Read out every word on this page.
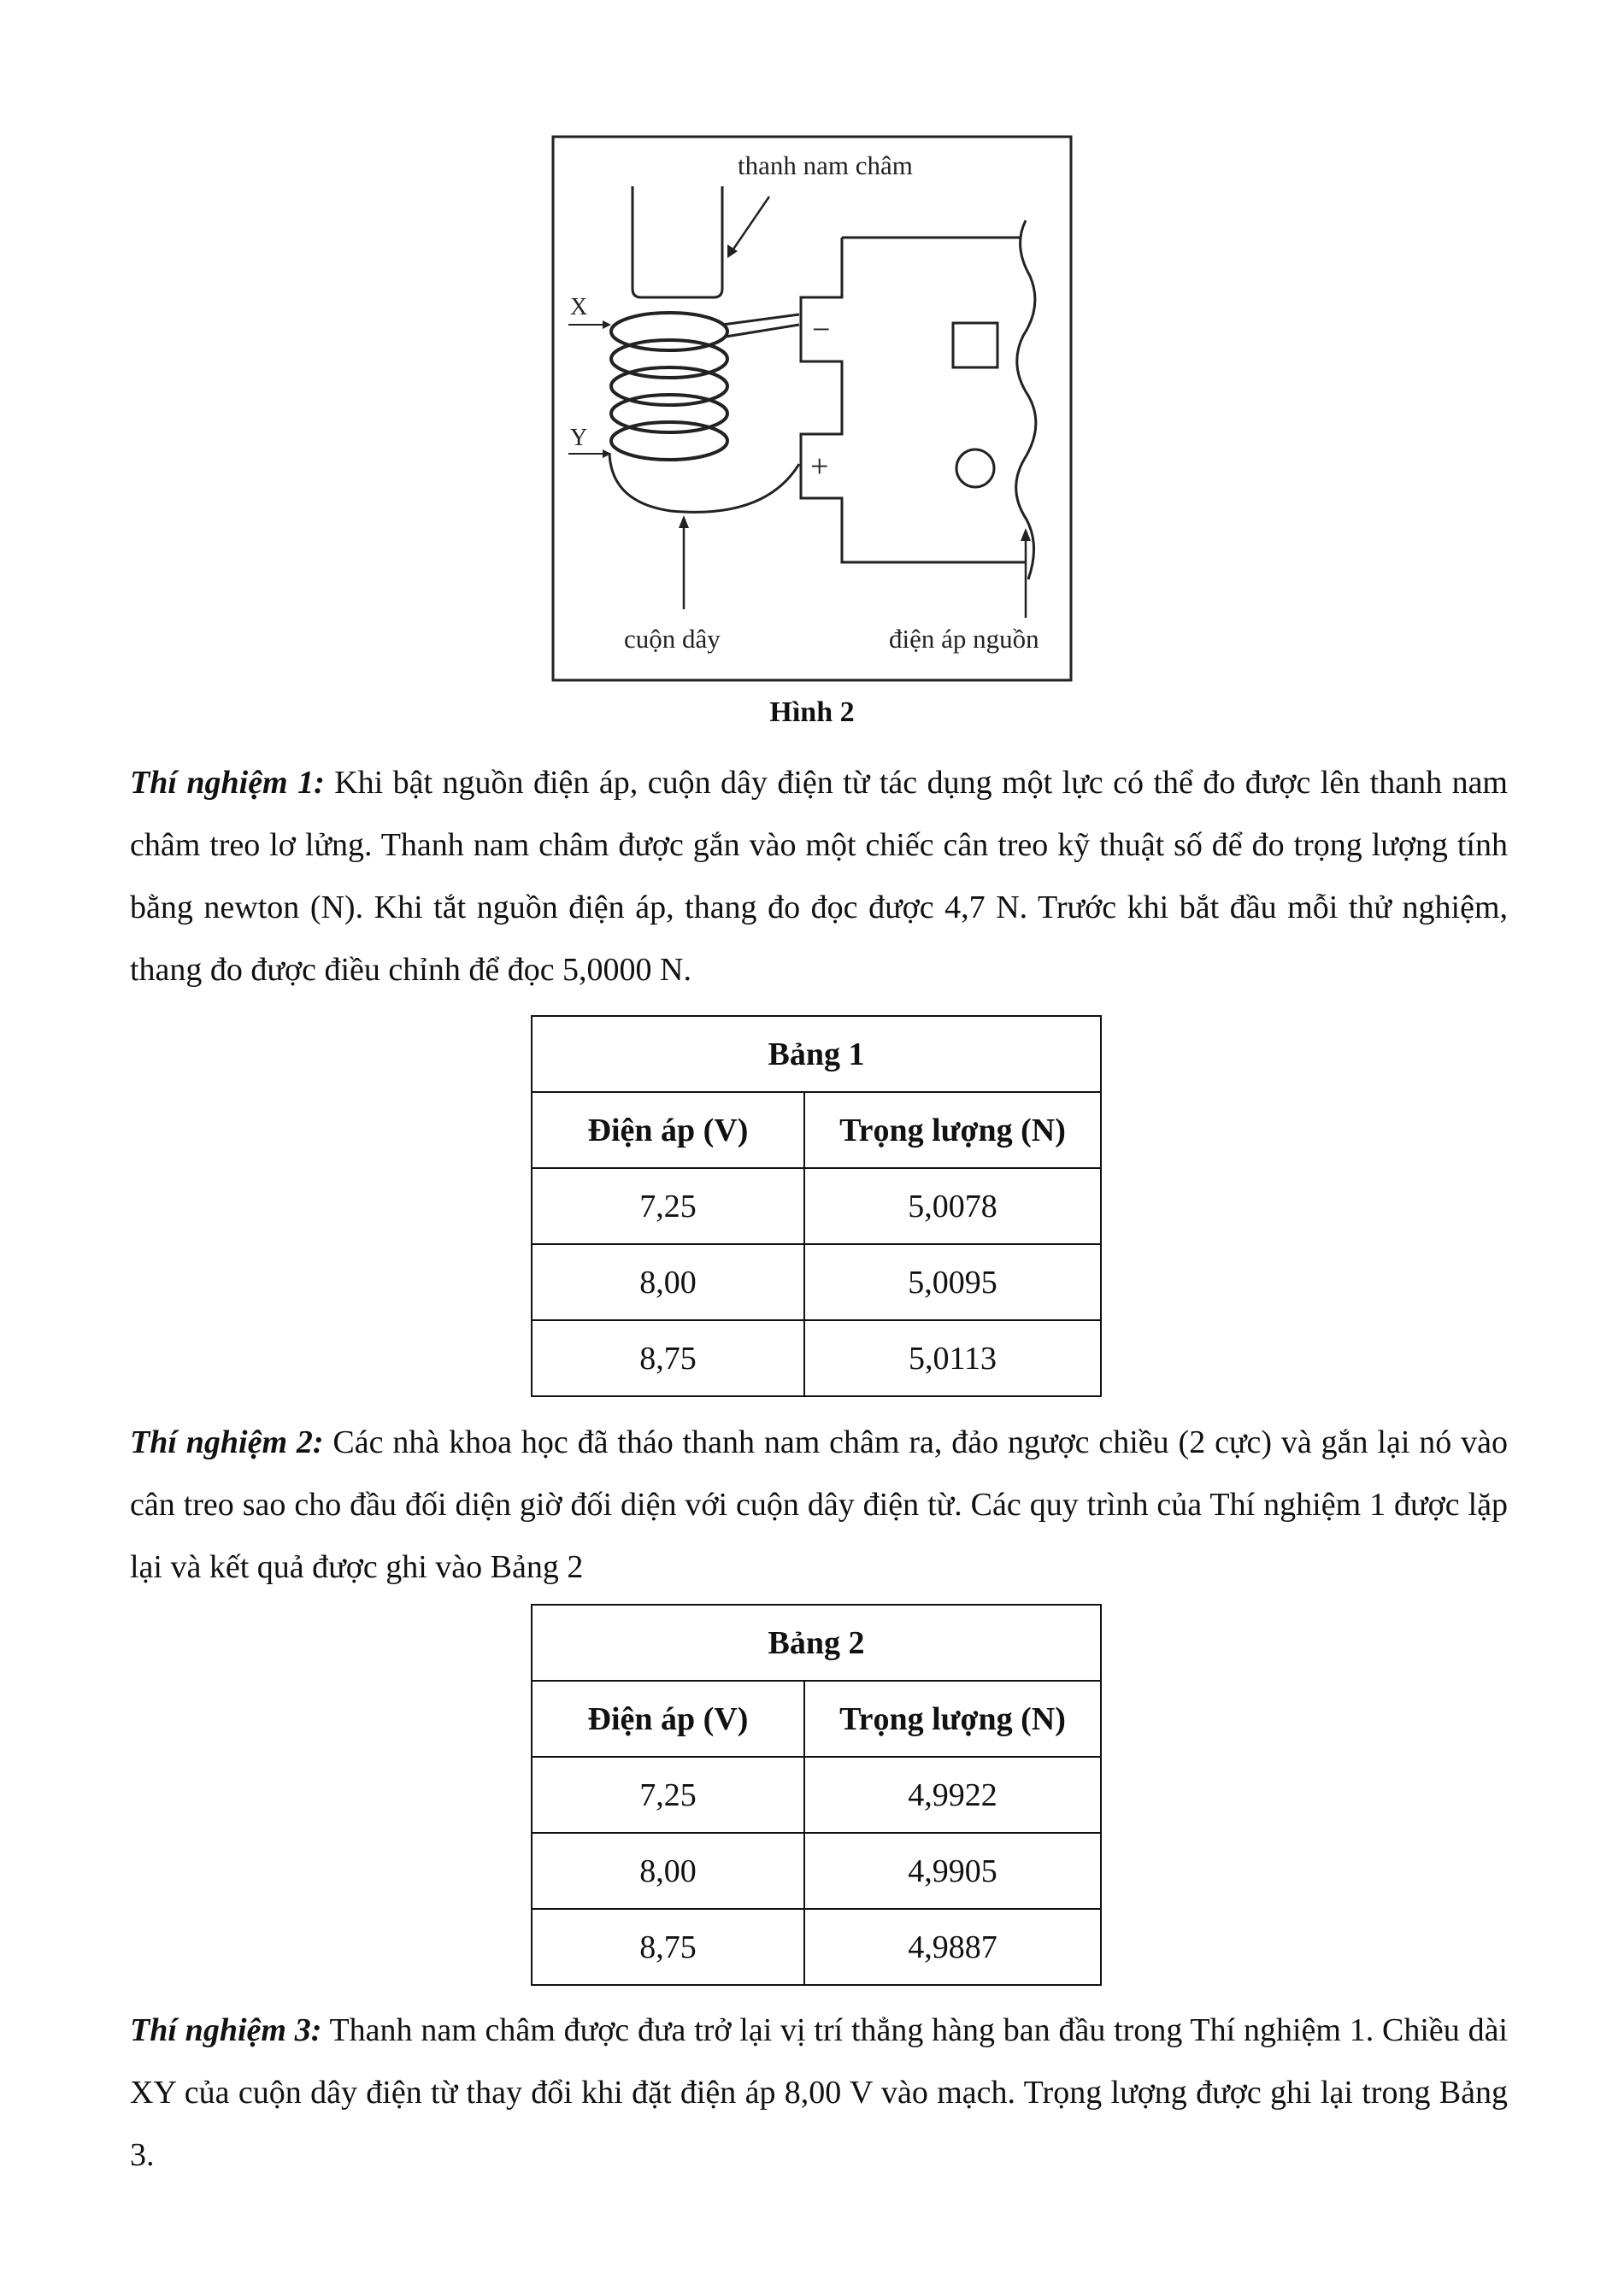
thanh nam châm
X
Y
−
+
cuộn dây	điện áp nguồn
Hình 2

Thí nghiệm 1: Khi bật nguồn điện áp, cuộn dây điện từ tác dụng một lực có thể đo được lên thanh nam châm treo lơ lửng. Thanh nam châm được gắn vào một chiếc cân treo kỹ thuật số để đo trọng lượng tính bằng newton (N). Khi tắt nguồn điện áp, thang đo đọc được 4,7 N. Trước khi bắt đầu mỗi thử nghiệm, thang đo được điều chỉnh để đọc 5,0000 N.

Bảng 1	
Điện áp (V)	Trọng lượng (N)
7,25	5,0078
8,00	5,0095
8,75	5,0113

Thí nghiệm 2: Các nhà khoa học đã tháo thanh nam châm ra, đảo ngược chiều (2 cực) và gắn lại nó vào cân treo sao cho đầu đối diện giờ đối diện với cuộn dây điện từ. Các quy trình của Thí nghiệm 1 được lặp lại và kết quả được ghi vào Bảng 2

Bảng 2	
Điện áp (V)	Trọng lượng (N)
7,25	4,9922
8,00	4,9905
8,75	4,9887

Thí nghiệm 3: Thanh nam châm được đưa trở lại vị trí thẳng hàng ban đầu trong Thí nghiệm 1. Chiều dài XY của cuộn dây điện từ thay đổi khi đặt điện áp 8,00 V vào mạch. Trọng lượng được ghi lại trong Bảng 3.
